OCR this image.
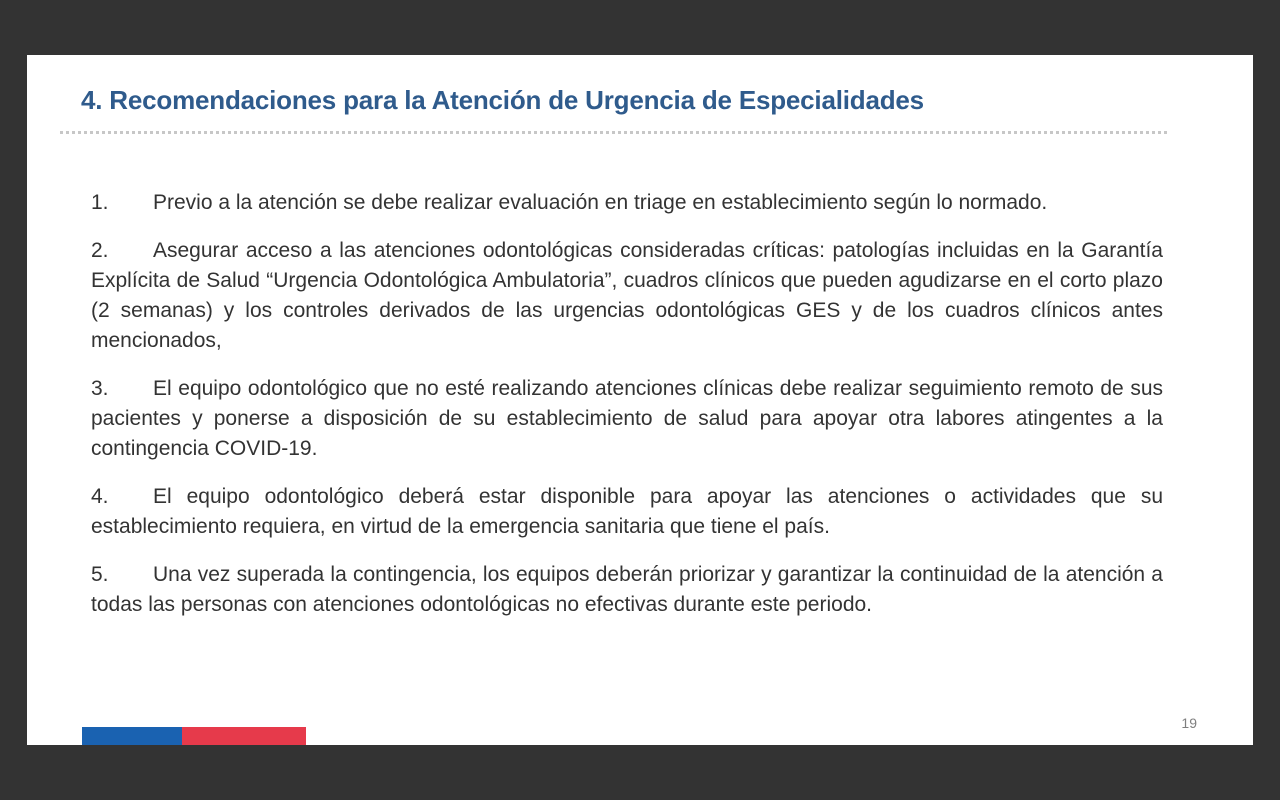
4. Recomendaciones para la Atención de Urgencia de Especialidades

1. Previo a la atención se debe realizar evaluación en triage en establecimiento según lo normado.

2. Asegurar acceso a las atenciones odontológicas consideradas críticas: patologías incluidas en la Garantía Explícita de Salud “Urgencia Odontológica Ambulatoria”, cuadros clínicos que pueden agudizarse en el corto plazo (2 semanas) y los controles derivados de las urgencias odontológicas GES y de los cuadros clínicos antes mencionados,

3. El equipo odontológico que no esté realizando atenciones clínicas debe realizar seguimiento remoto de sus pacientes y ponerse a disposición de su establecimiento de salud para apoyar otra labores atingentes a la contingencia COVID-19.

4. El equipo odontológico deberá estar disponible para apoyar las atenciones o actividades que su establecimiento requiera, en virtud de la emergencia sanitaria que tiene el país.

5. Una vez superada la contingencia, los equipos deberán priorizar y garantizar la continuidad de la atención a todas las personas con atenciones odontológicas no efectivas durante este periodo.

19
